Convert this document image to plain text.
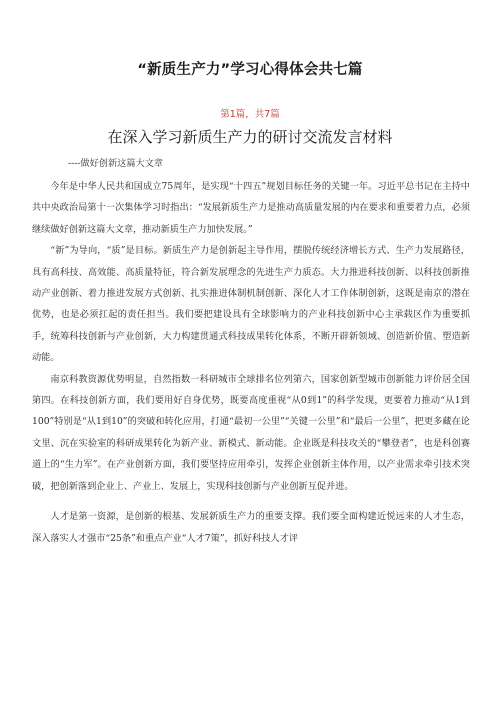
“新质生产力”学习心得体会共七篇
第1篇，共7篇
在深入学习新质生产力的研讨交流发言材料
----做好创新这篇大文章

今年是中华人民共和国成立75周年，是实现“十四五”规划目标任务的关键一年。习近平总书记在主持中共中央政治局第十一次集体学习时指出：“发展新质生产力是推动高质量发展的内在要求和重要着力点，必须继续做好创新这篇大文章，推动新质生产力加快发展。”

“新”为导向，“质”是目标。新质生产力是创新起主导作用，摆脱传统经济增长方式、生产力发展路径，具有高科技、高效能、高质量特征，符合新发展理念的先进生产力质态。大力推进科技创新、以科技创新推动产业创新、着力推进发展方式创新、扎实推进体制机制创新、深化人才工作体制创新，这既是南京的潜在优势，也是必须扛起的责任担当。我们要把建设具有全球影响力的产业科技创新中心主承载区作为重要抓手，统筹科技创新与产业创新，大力构建贯通式科技成果转化体系，不断开辟新领域、创造新价值、塑造新动能。

南京科教资源优势明显，自然指数一科研城市全球排名位列第六，国家创新型城市创新能力评价居全国第四。在科技创新方面，我们要用好自身优势，既要高度重视“从0到1”的科学发现，更要着力推动“从1到100”特别是“从1到10”的突破和转化应用，打通“最初一公里”“关键一公里”和“最后一公里”，把更多藏在论文里、沉在实验室的科研成果转化为新产业、新模式、新动能。企业既是科技攻关的“攀登者”，也是科创赛道上的“生力军”。在产业创新方面，我们要坚持应用牵引，发挥企业创新主体作用，以产业需求牵引技术突破，把创新落到企业上、产业上、发展上，实现科技创新与产业创新互促并进。

人才是第一资源，是创新的根基、发展新质生产力的重要支撑。我们要全面构建近悦远来的人才生态，深入落实人才强市“25条”和重点产业“人才7策”，抓好科技人才评
